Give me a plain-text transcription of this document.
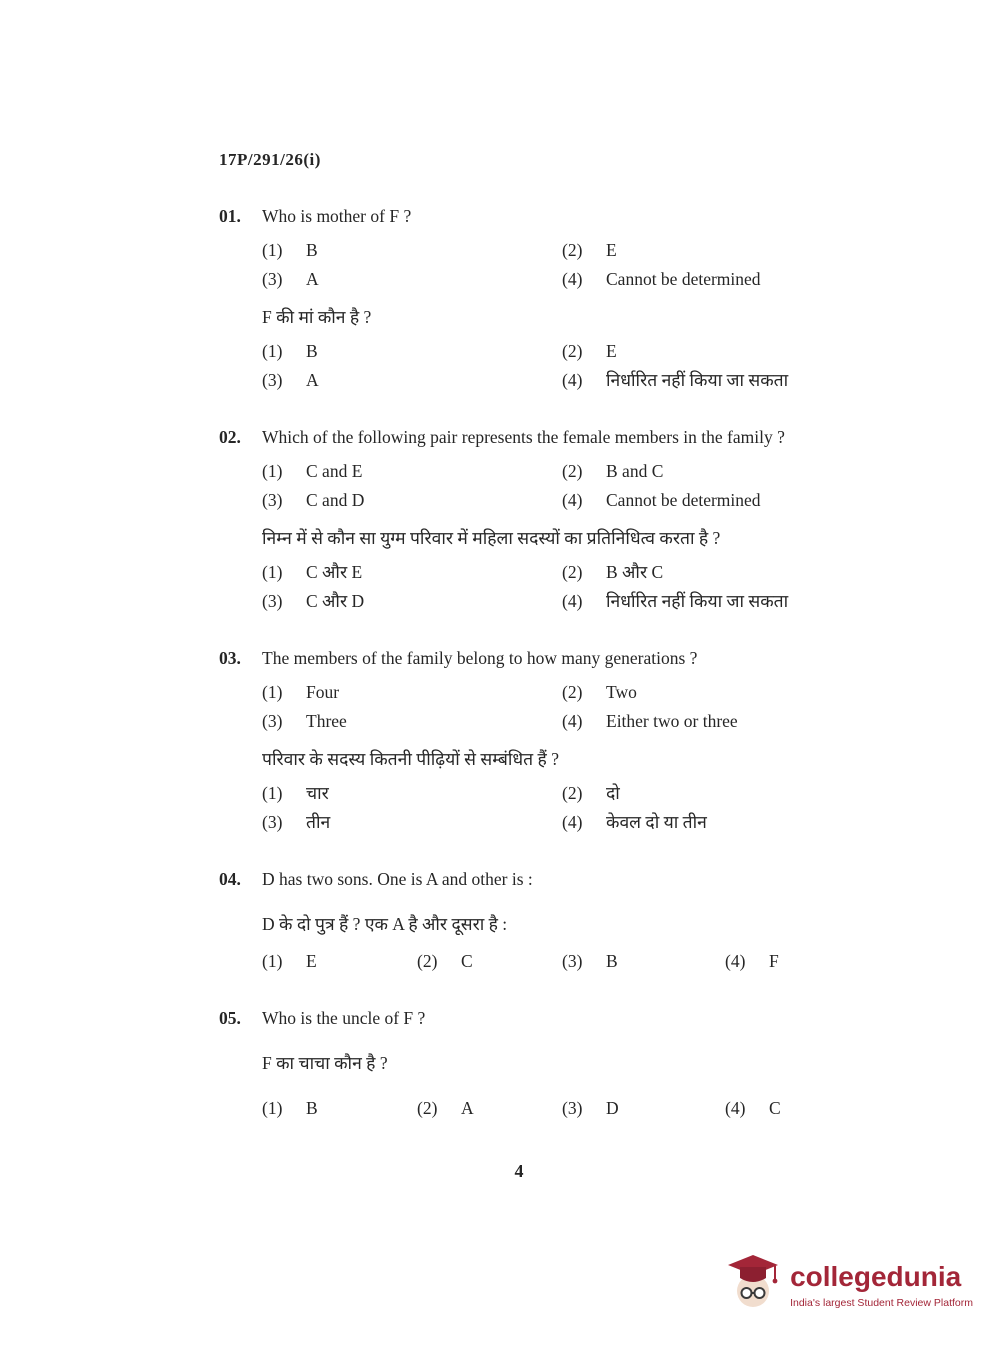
17P/291/26(i)
01.	Who is mother of F ?
(1)	B	(2)	E
(3)	A	(4)	Cannot be determined
F की मां कौन है ?
(1)	B	(2)	E
(3)	A	(4)	निर्धारित नहीं किया जा सकता
02.	Which of the following pair represents the female members in the family ?
(1)	C and E	(2)	B and C
(3)	C and D	(4)	Cannot be determined
निम्न में से कौन सा युग्म परिवार में महिला सदस्यों का प्रतिनिधित्व करता है ?
(1)	C और E	(2)	B और C
(3)	C और D	(4)	निर्धारित नहीं किया जा सकता
03.	The members of the family belong to how many generations ?
(1)	Four	(2)	Two
(3)	Three	(4)	Either two or three
परिवार के सदस्य कितनी पीढ़ियों से सम्बंधित हैं ?
(1)	चार	(2)	दो
(3)	तीन	(4)	केवल दो या तीन
04.	D has two sons. One is A and other is :
D के दो पुत्र हैं ? एक A है और दूसरा है :
(1)	E	(2)	C	(3)	B	(4)	F
05.	Who is the uncle of F ?
F का चाचा कौन है ?
(1)	B	(2)	A	(3)	D	(4)	C
4
collegedunia
India's largest Student Review Platform
